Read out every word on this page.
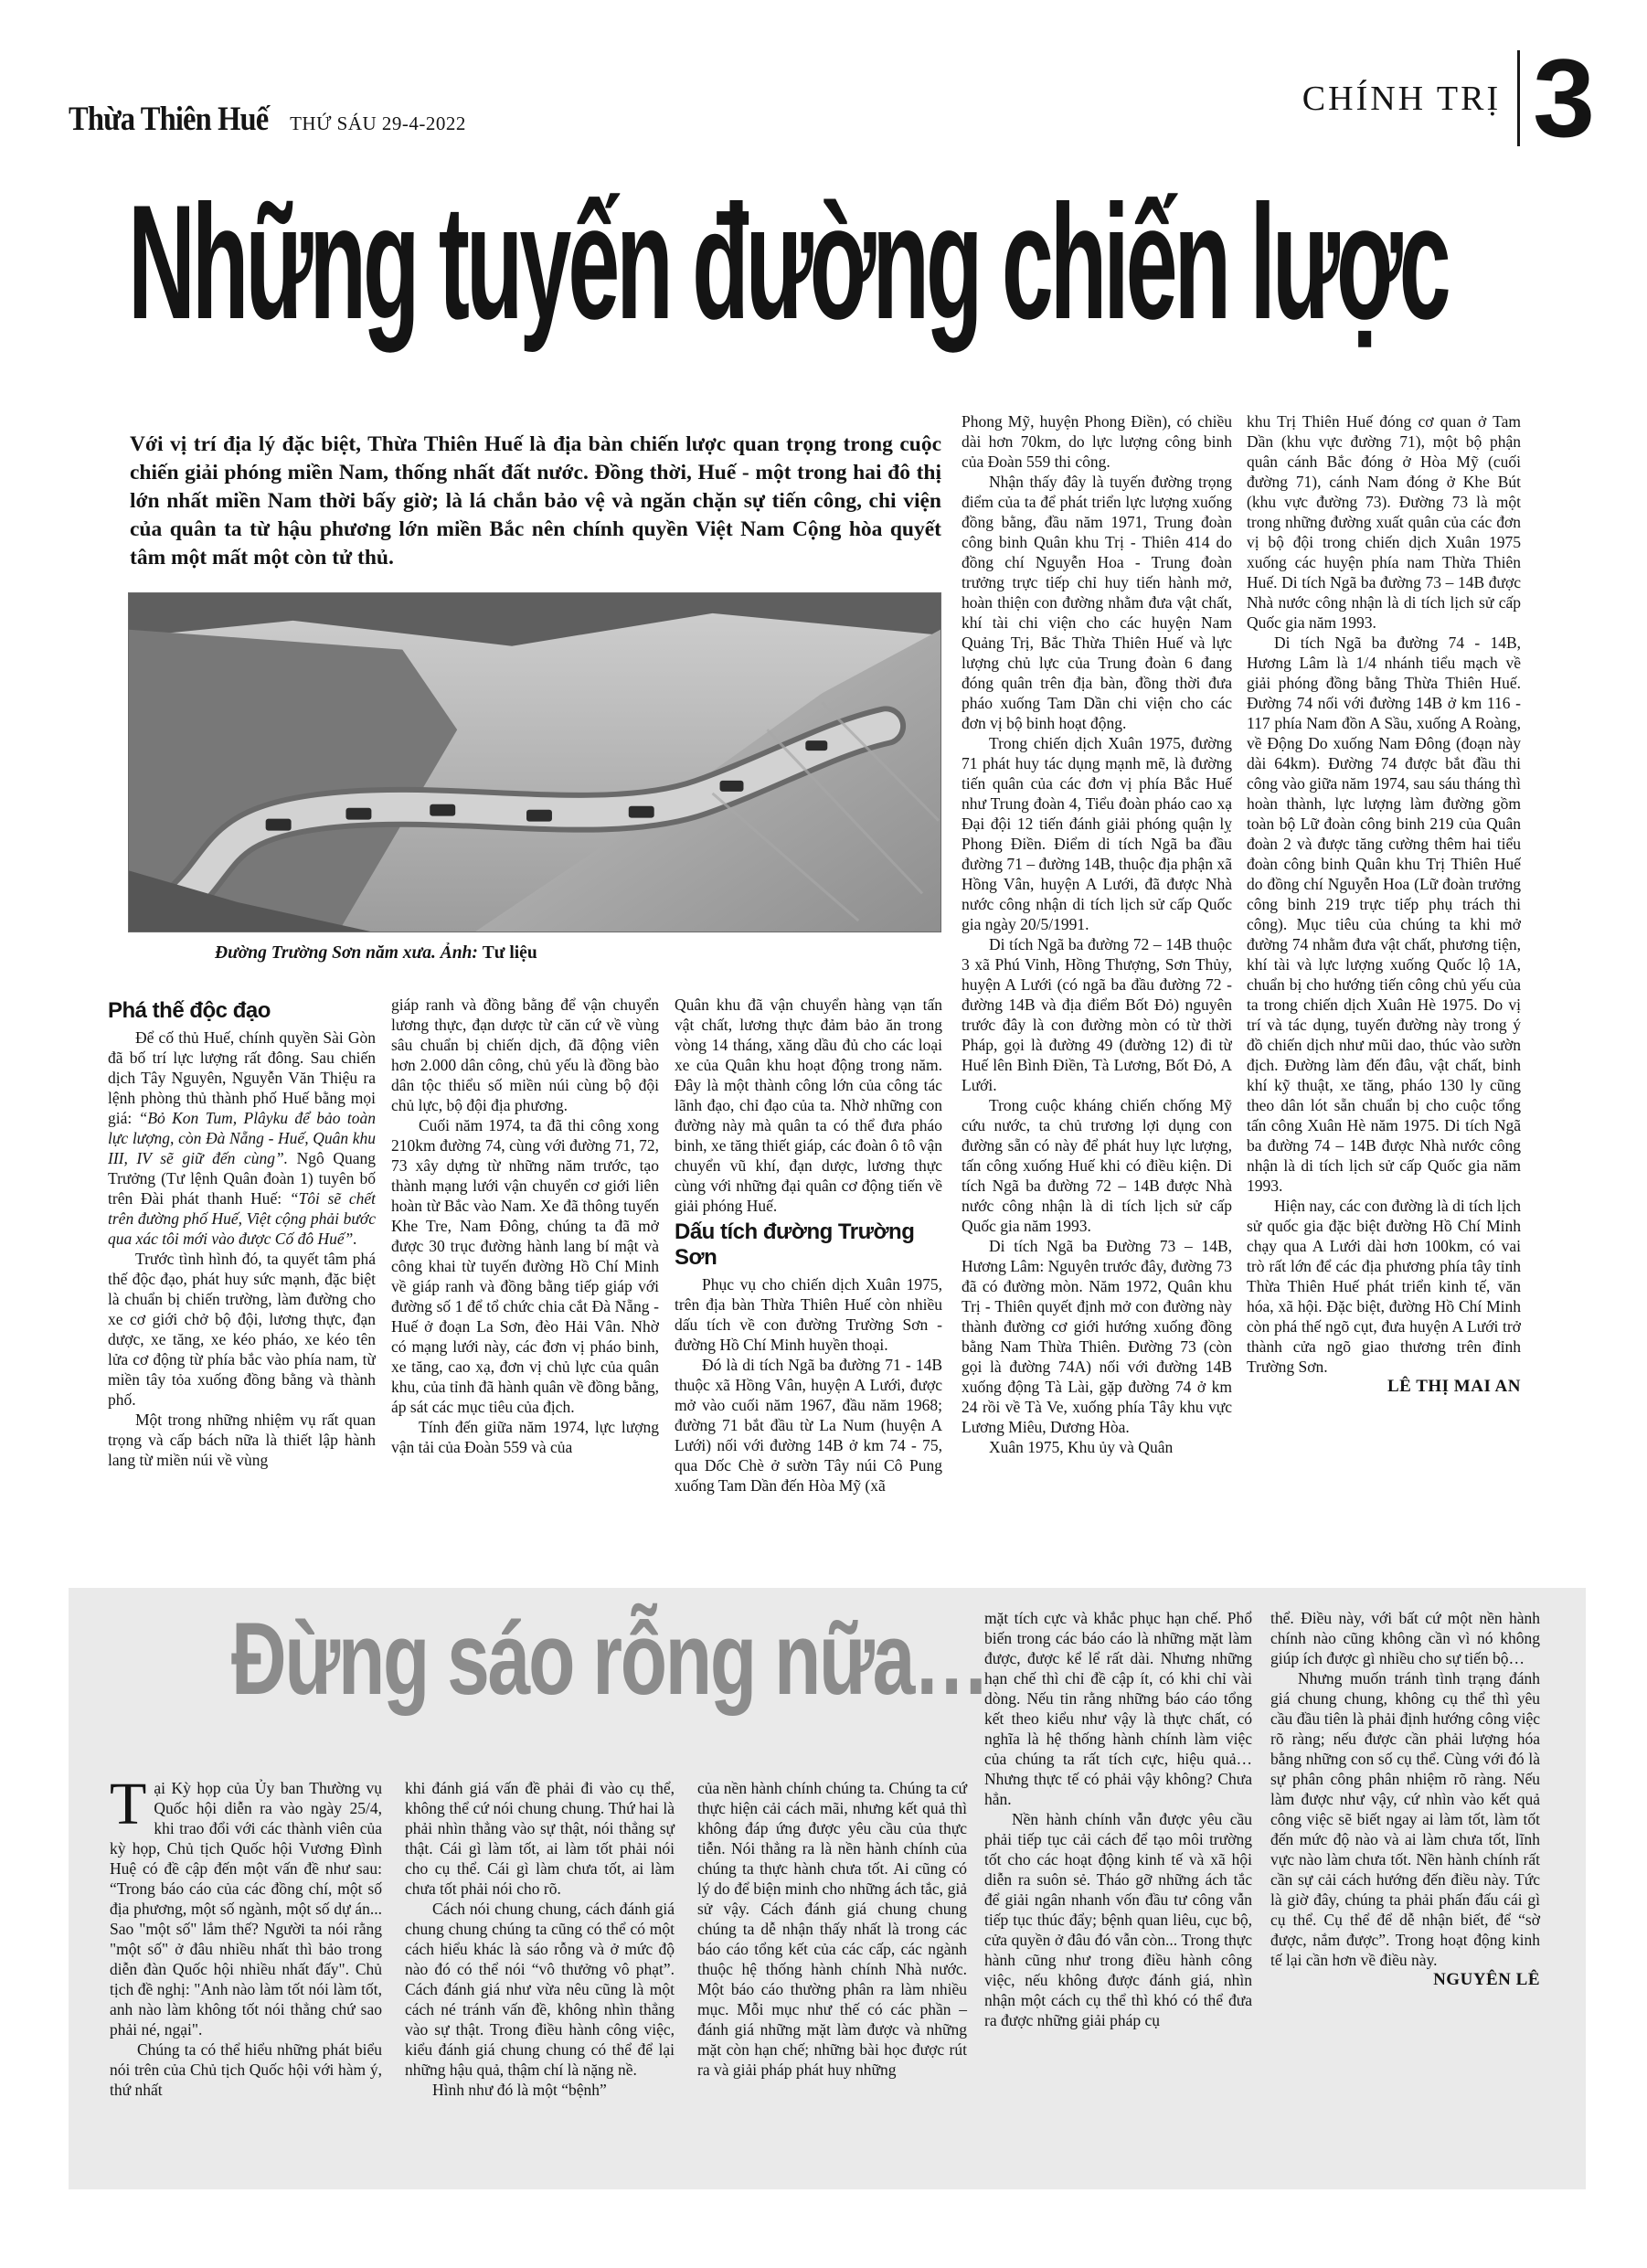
Thừa Thiên Huế THỨ SÁU 29-4-2022
CHÍNH TRỊ 3
Những tuyến đường chiến lược

Với vị trí địa lý đặc biệt, Thừa Thiên Huế là địa bàn chiến lược quan trọng trong cuộc chiến giải phóng miền Nam, thống nhất đất nước. Đồng thời, Huế - một trong hai đô thị lớn nhất miền Nam thời bấy giờ; là lá chắn bảo vệ và ngăn chặn sự tiến công, chi viện của quân ta từ hậu phương lớn miền Bắc nên chính quyền Việt Nam Cộng hòa quyết tâm một mất một còn tử thủ.

Đường Trường Sơn năm xưa. Ảnh: Tư liệu
Phá thế độc đạo

Để cố thủ Huế, chính quyền Sài Gòn đã bố trí lực lượng rất đông. Sau chiến dịch Tây Nguyên, Nguyễn Văn Thiệu ra lệnh phòng thủ thành phố Huế bằng mọi giá: “Bỏ Kon Tum, Plâyku để bảo toàn lực lượng, còn Đà Nẵng - Huế, Quân khu III, IV sẽ giữ đến cùng”. Ngô Quang Trưởng (Tư lệnh Quân đoàn 1) tuyên bố trên Đài phát thanh Huế: “Tôi sẽ chết trên đường phố Huế, Việt cộng phải bước qua xác tôi mới vào được Cố đô Huế”.

Trước tình hình đó, ta quyết tâm phá thế độc đạo, phát huy sức mạnh, đặc biệt là chuẩn bị chiến trường, làm đường cho xe cơ giới chở bộ đội, lương thực, đạn dược, xe tăng, xe kéo pháo, xe kéo tên lửa cơ động từ phía bắc vào phía nam, từ miền tây tỏa xuống đồng bằng và thành phố.

Một trong những nhiệm vụ rất quan trọng và cấp bách nữa là thiết lập hành lang từ miền núi về vùng

giáp ranh và đồng bằng để vận chuyển lương thực, đạn dược từ căn cứ về vùng sâu chuẩn bị chiến dịch, đã động viên hơn 2.000 dân công, chủ yếu là đồng bào dân tộc thiểu số miền núi cùng bộ đội chủ lực, bộ đội địa phương.

Cuối năm 1974, ta đã thi công xong 210km đường 74, cùng với đường 71, 72, 73 xây dựng từ những năm trước, tạo thành mạng lưới vận chuyển cơ giới liên hoàn từ Bắc vào Nam. Xe đã thông tuyến Khe Tre, Nam Đông, chúng ta đã mở được 30 trục đường hành lang bí mật và công khai từ tuyến đường Hồ Chí Minh về giáp ranh và đồng bằng tiếp giáp với đường số 1 để tổ chức chia cắt Đà Nẵng - Huế ở đoạn La Sơn, đèo Hải Vân. Nhờ có mạng lưới này, các đơn vị pháo binh, xe tăng, cao xạ, đơn vị chủ lực của quân khu, của tỉnh đã hành quân về đồng bằng, áp sát các mục tiêu của địch.

Tính đến giữa năm 1974, lực lượng vận tải của Đoàn 559 và của

Quân khu đã vận chuyển hàng vạn tấn vật chất, lương thực đảm bảo ăn trong vòng 14 tháng, xăng dầu đủ cho các loại xe của Quân khu hoạt động trong năm. Đây là một thành công lớn của công tác lãnh đạo, chỉ đạo của ta. Nhờ những con đường này mà quân ta có thể đưa pháo binh, xe tăng thiết giáp, các đoàn ô tô vận chuyển vũ khí, đạn dược, lương thực cùng với những đại quân cơ động tiến về giải phóng Huế.

Dấu tích đường Trường Sơn

Phục vụ cho chiến dịch Xuân 1975, trên địa bàn Thừa Thiên Huế còn nhiều dấu tích về con đường Trường Sơn - đường Hồ Chí Minh huyền thoại.

Đó là di tích Ngã ba đường 71 - 14B thuộc xã Hồng Vân, huyện A Lưới, được mở vào cuối năm 1967, đầu năm 1968; đường 71 bắt đầu từ La Num (huyện A Lưới) nối với đường 14B ở km 74 - 75, qua Dốc Chè ở sườn Tây núi Cô Pung xuống Tam Dần đến Hòa Mỹ (xã

Phong Mỹ, huyện Phong Điền), có chiều dài hơn 70km, do lực lượng công binh của Đoàn 559 thi công.

Nhận thấy đây là tuyến đường trọng điểm của ta để phát triển lực lượng xuống đồng bằng, đầu năm 1971, Trung đoàn công binh Quân khu Trị - Thiên 414 do đồng chí Nguyễn Hoa - Trung đoàn trưởng trực tiếp chỉ huy tiến hành mở, hoàn thiện con đường nhằm đưa vật chất, khí tài chi viện cho các huyện Nam Quảng Trị, Bắc Thừa Thiên Huế và lực lượng chủ lực của Trung đoàn 6 đang đóng quân trên địa bàn, đồng thời đưa pháo xuống Tam Dần chi viện cho các đơn vị bộ binh hoạt động.

Trong chiến dịch Xuân 1975, đường 71 phát huy tác dụng mạnh mẽ, là đường tiến quân của các đơn vị phía Bắc Huế như Trung đoàn 4, Tiểu đoàn pháo cao xạ Đại đội 12 tiến đánh giải phóng quận lỵ Phong Điền. Điểm di tích Ngã ba đầu đường 71 – đường 14B, thuộc địa phận xã Hồng Vân, huyện A Lưới, đã được Nhà nước công nhận di tích lịch sử cấp Quốc gia ngày 20/5/1991.

Di tích Ngã ba đường 72 – 14B thuộc 3 xã Phú Vinh, Hồng Thượng, Sơn Thủy, huyện A Lưới (có ngã ba đầu đường 72 - đường 14B và địa điểm Bốt Đỏ) nguyên trước đây là con đường mòn có từ thời Pháp, gọi là đường 49 (đường 12) đi từ Huế lên Bình Điền, Tà Lương, Bốt Đỏ, A Lưới.

Trong cuộc kháng chiến chống Mỹ cứu nước, ta chủ trương lợi dụng con đường sẵn có này để phát huy lực lượng, tấn công xuống Huế khi có điều kiện. Di tích Ngã ba đường 72 – 14B được Nhà nước công nhận là di tích lịch sử cấp Quốc gia năm 1993.

Di tích Ngã ba Đường 73 – 14B, Hương Lâm: Nguyên trước đây, đường 73 đã có đường mòn. Năm 1972, Quân khu Trị - Thiên quyết định mở con đường này thành đường cơ giới hướng xuống đồng bằng Nam Thừa Thiên. Đường 73 (còn gọi là đường 74A) nối với đường 14B xuống động Tà Lài, gặp đường 74 ở km 24 rồi về Tà Ve, xuống phía Tây khu vực Lương Miêu, Dương Hòa.

Xuân 1975, Khu ủy và Quân

khu Trị Thiên Huế đóng cơ quan ở Tam Dần (khu vực đường 71), một bộ phận quân cánh Bắc đóng ở Hòa Mỹ (cuối đường 71), cánh Nam đóng ở Khe Bút (khu vực đường 73). Đường 73 là một trong những đường xuất quân của các đơn vị bộ đội trong chiến dịch Xuân 1975 xuống các huyện phía nam Thừa Thiên Huế. Di tích Ngã ba đường 73 – 14B được Nhà nước công nhận là di tích lịch sử cấp Quốc gia năm 1993.

Di tích Ngã ba đường 74 - 14B, Hương Lâm là 1/4 nhánh tiểu mạch về giải phóng đồng bằng Thừa Thiên Huế. Đường 74 nối với đường 14B ở km 116 - 117 phía Nam đồn A Sầu, xuống A Roàng, về Động Do xuống Nam Đông (đoạn này dài 64km). Đường 74 được bắt đầu thi công vào giữa năm 1974, sau sáu tháng thì hoàn thành, lực lượng làm đường gồm toàn bộ Lữ đoàn công binh 219 của Quân đoàn 2 và được tăng cường thêm hai tiểu đoàn công binh Quân khu Trị Thiên Huế do đồng chí Nguyễn Hoa (Lữ đoàn trưởng công binh 219 trực tiếp phụ trách thi công). Mục tiêu của chúng ta khi mở đường 74 nhằm đưa vật chất, phương tiện, khí tài và lực lượng xuống Quốc lộ 1A, chuẩn bị cho hướng tiến công chủ yếu của ta trong chiến dịch Xuân Hè 1975. Do vị trí và tác dụng, tuyến đường này trong ý đồ chiến dịch như mũi dao, thúc vào sườn địch. Đường làm đến đâu, vật chất, binh khí kỹ thuật, xe tăng, pháo 130 ly cũng theo dân lót sẵn chuẩn bị cho cuộc tổng tấn công Xuân Hè năm 1975. Di tích Ngã ba đường 74 – 14B được Nhà nước công nhận là di tích lịch sử cấp Quốc gia năm 1993.

Hiện nay, các con đường là di tích lịch sử quốc gia đặc biệt đường Hồ Chí Minh chạy qua A Lưới dài hơn 100km, có vai trò rất lớn để các địa phương phía tây tỉnh Thừa Thiên Huế phát triển kinh tế, văn hóa, xã hội. Đặc biệt, đường Hồ Chí Minh còn phá thế ngõ cụt, đưa huyện A Lưới trở thành cửa ngõ giao thương trên đỉnh Trường Sơn.

LÊ THỊ MAI AN

Đừng sáo rỗng nữa…

Tại Kỳ họp của Ủy ban Thường vụ Quốc hội diễn ra vào ngày 25/4, khi trao đổi với các thành viên của kỳ họp, Chủ tịch Quốc hội Vương Đình Huệ có đề cập đến một vấn đề như sau: “Trong báo cáo của các đồng chí, một số địa phương, một số ngành, một số dự án... Sao "một số" lắm thế? Người ta nói rằng "một số" ở đâu nhiều nhất thì bảo trong diễn đàn Quốc hội nhiều nhất đấy". Chủ tịch đề nghị: "Anh nào làm tốt nói làm tốt, anh nào làm không tốt nói thẳng chứ sao phải né, ngại".

Chúng ta có thể hiểu những phát biểu nói trên của Chủ tịch Quốc hội với hàm ý, thứ nhất

khi đánh giá vấn đề phải đi vào cụ thể, không thể cứ nói chung chung. Thứ hai là phải nhìn thẳng vào sự thật, nói thẳng sự thật. Cái gì làm tốt, ai làm tốt phải nói cho cụ thể. Cái gì làm chưa tốt, ai làm chưa tốt phải nói cho rõ.

Cách nói chung chung, cách đánh giá chung chung chúng ta cũng có thể có một cách hiểu khác là sáo rỗng và ở mức độ nào đó có thể nói “vô thưởng vô phạt”. Cách đánh giá như vừa nêu cũng là một cách né tránh vấn đề, không nhìn thẳng vào sự thật. Trong điều hành công việc, kiểu đánh giá chung chung có thể để lại những hậu quả, thậm chí là nặng nề.

Hình như đó là một “bệnh”

của nền hành chính chúng ta. Chúng ta cứ thực hiện cải cách mãi, nhưng kết quả thì không đáp ứng được yêu cầu của thực tiễn. Nói thẳng ra là nền hành chính của chúng ta thực hành chưa tốt. Ai cũng có lý do để biện minh cho những ách tắc, giả sử vậy. Cách đánh giá chung chung chúng ta dễ nhận thấy nhất là trong các báo cáo tổng kết của các cấp, các ngành thuộc hệ thống hành chính Nhà nước. Một báo cáo thường phân ra làm nhiều mục. Mỗi mục như thế có các phần – đánh giá những mặt làm được và những mặt còn hạn chế; những bài học được rút ra và giải pháp phát huy những

mặt tích cực và khắc phục hạn chế. Phổ biến trong các báo cáo là những mặt làm được, được kể lể rất dài. Nhưng những hạn chế thì chỉ đề cập ít, có khi chỉ vài dòng. Nếu tin rằng những báo cáo tổng kết theo kiểu như vậy là thực chất, có nghĩa là hệ thống hành chính làm việc của chúng ta rất tích cực, hiệu quả… Nhưng thực tế có phải vậy không? Chưa hẳn.

Nền hành chính vẫn được yêu cầu phải tiếp tục cải cách để tạo môi trường tốt cho các hoạt động kinh tế và xã hội diễn ra suôn sẻ. Tháo gỡ những ách tắc để giải ngân nhanh vốn đầu tư công vẫn tiếp tục thúc đẩy; bệnh quan liêu, cục bộ, cửa quyền ở đâu đó vẫn còn... Trong thực hành cũng như trong điều hành công việc, nếu không được đánh giá, nhìn nhận một cách cụ thể thì khó có thể đưa ra được những giải pháp cụ

thể. Điều này, với bất cứ một nền hành chính nào cũng không cần vì nó không giúp ích được gì nhiều cho sự tiến bộ…

Nhưng muốn tránh tình trạng đánh giá chung chung, không cụ thể thì yêu cầu đầu tiên là phải định hướng công việc rõ ràng; nếu được cần phải lượng hóa bằng những con số cụ thể. Cùng với đó là sự phân công phân nhiệm rõ ràng. Nếu làm được như vậy, cứ nhìn vào kết quả công việc sẽ biết ngay ai làm tốt, làm tốt đến mức độ nào và ai làm chưa tốt, lĩnh vực nào làm chưa tốt. Nền hành chính rất cần sự cải cách hướng đến điều này. Tức là giờ đây, chúng ta phải phấn đấu cái gì cụ thể. Cụ thể để dễ nhận biết, để “sờ được, nắm được”. Trong hoạt động kinh tế lại cần hơn về điều này.

NGUYÊN LÊ
